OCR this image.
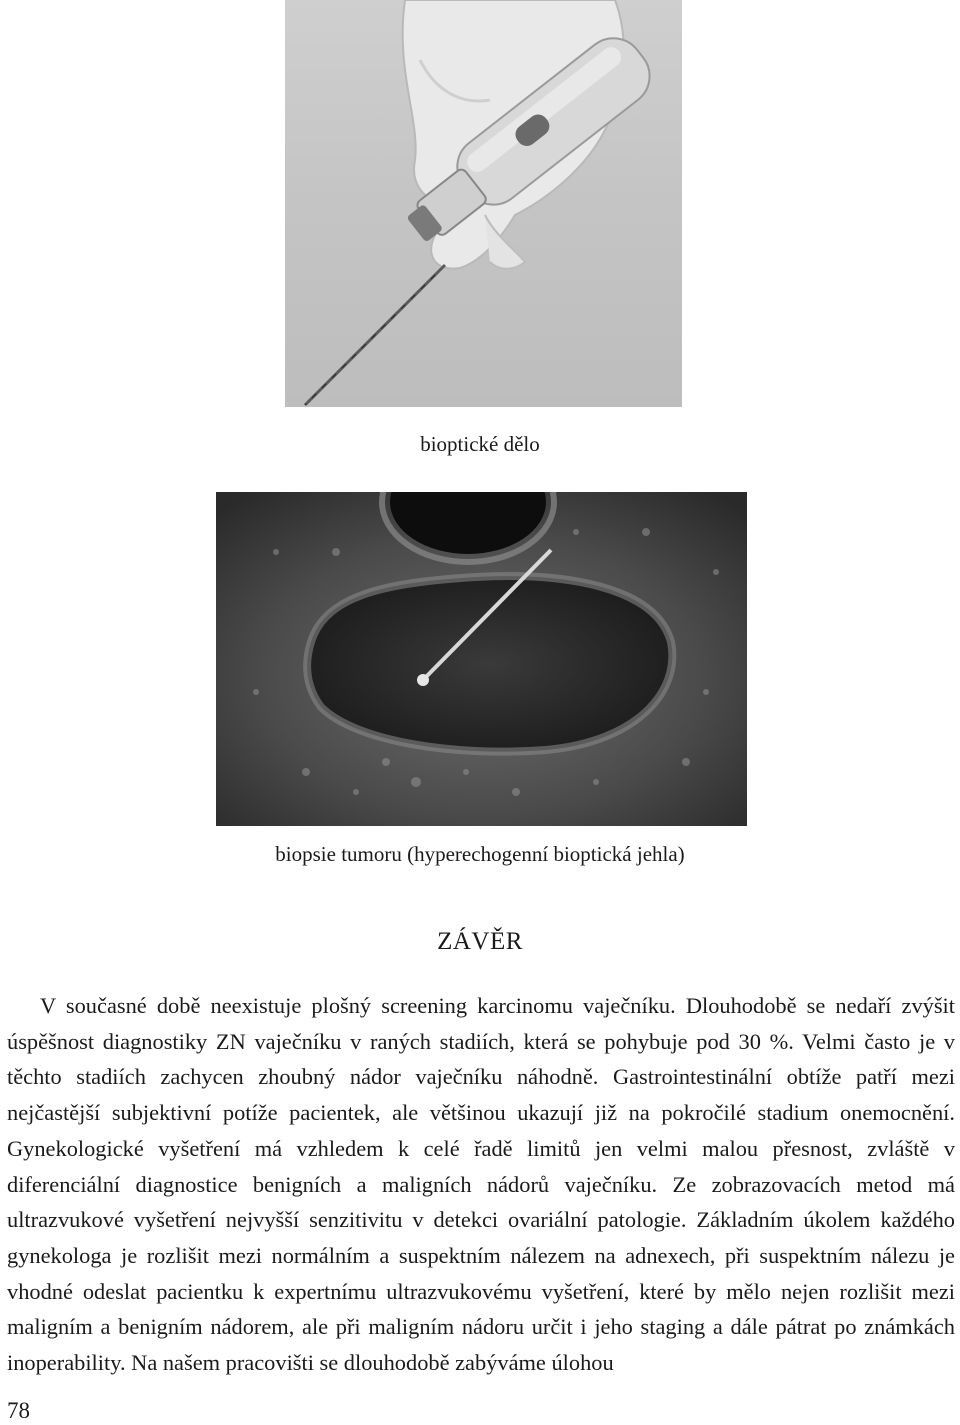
bioptické dělo
biopsie tumoru (hyperechogenní bioptická jehla)
ZÁVĚR

V současné době neexistuje plošný screening karcinomu vaječníku. Dlouhodobě se nedaří zvýšit úspěšnost diagnostiky ZN vaječníku v raných stadiích, která se pohybuje pod 30 %. Velmi často je v těchto stadiích zachycen zhoubný nádor vaječníku náhodně. Gastrointestinální obtíže patří mezi nejčastější subjektivní potíže pacientek, ale většinou ukazují již na pokročilé stadium onemocnění. Gynekologické vyšetření má vzhledem k celé řadě limitů jen velmi malou přesnost, zvláště v diferenciální diagnostice benigních a maligních nádorů vaječníku. Ze zobrazovacích metod má ultrazvukové vyšetření nejvyšší senzitivitu v detekci ovariální patologie. Základním úkolem každého gynekologa je rozlišit mezi normálním a suspektním nálezem na adnexech, při suspektním nálezu je vhodné odeslat pacientku k expertnímu ultrazvukovému vyšetření, které by mělo nejen rozlišit mezi maligním a benigním nádorem, ale při maligním nádoru určit i jeho staging a dále pátrat po známkách inoperability. Na našem pracovišti se dlouhodobě zabýváme úlohou

78
